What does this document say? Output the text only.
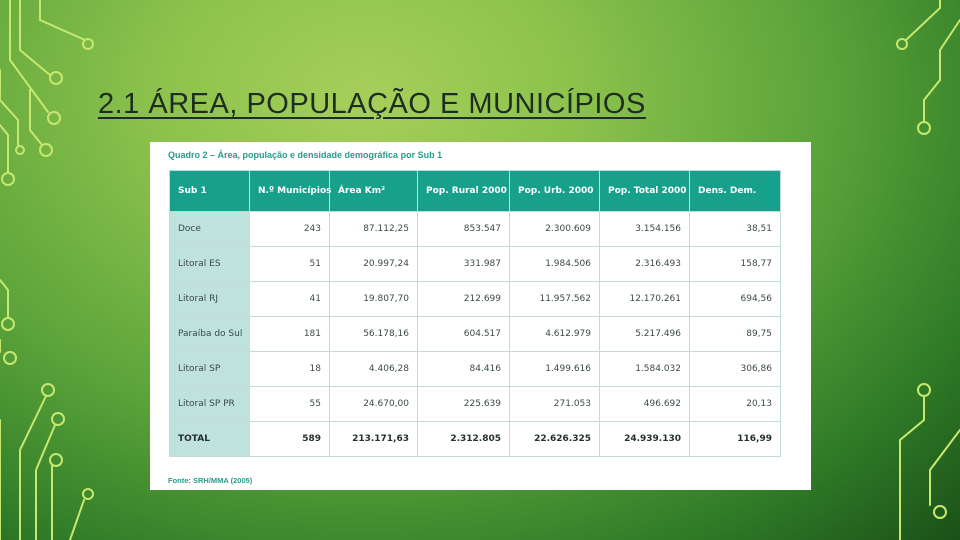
2.1 ÁREA, POPULAÇÃO E MUNICÍPIOS
Quadro 2 – Área, população e densidade demográfica por Sub 1
Sub 1	N.º Municípios	Área Km²	Pop. Rural 2000	Pop. Urb. 2000	Pop. Total 2000	Dens. Dem.
Doce	243	87.112,25	853.547	2.300.609	3.154.156	38,51
Litoral ES	51	20.997,24	331.987	1.984.506	2.316.493	158,77
Litoral RJ	41	19.807,70	212.699	11.957.562	12.170.261	694,56
Paraíba do Sul	181	56.178,16	604.517	4.612.979	5.217.496	89,75
Litoral SP	18	4.406,28	84.416	1.499.616	1.584.032	306,86
Litoral SP PR	55	24.670,00	225.639	271.053	496.692	20,13
TOTAL	589	213.171,63	2.312.805	22.626.325	24.939.130	116,99
Fonte: SRH/MMA (2005)
